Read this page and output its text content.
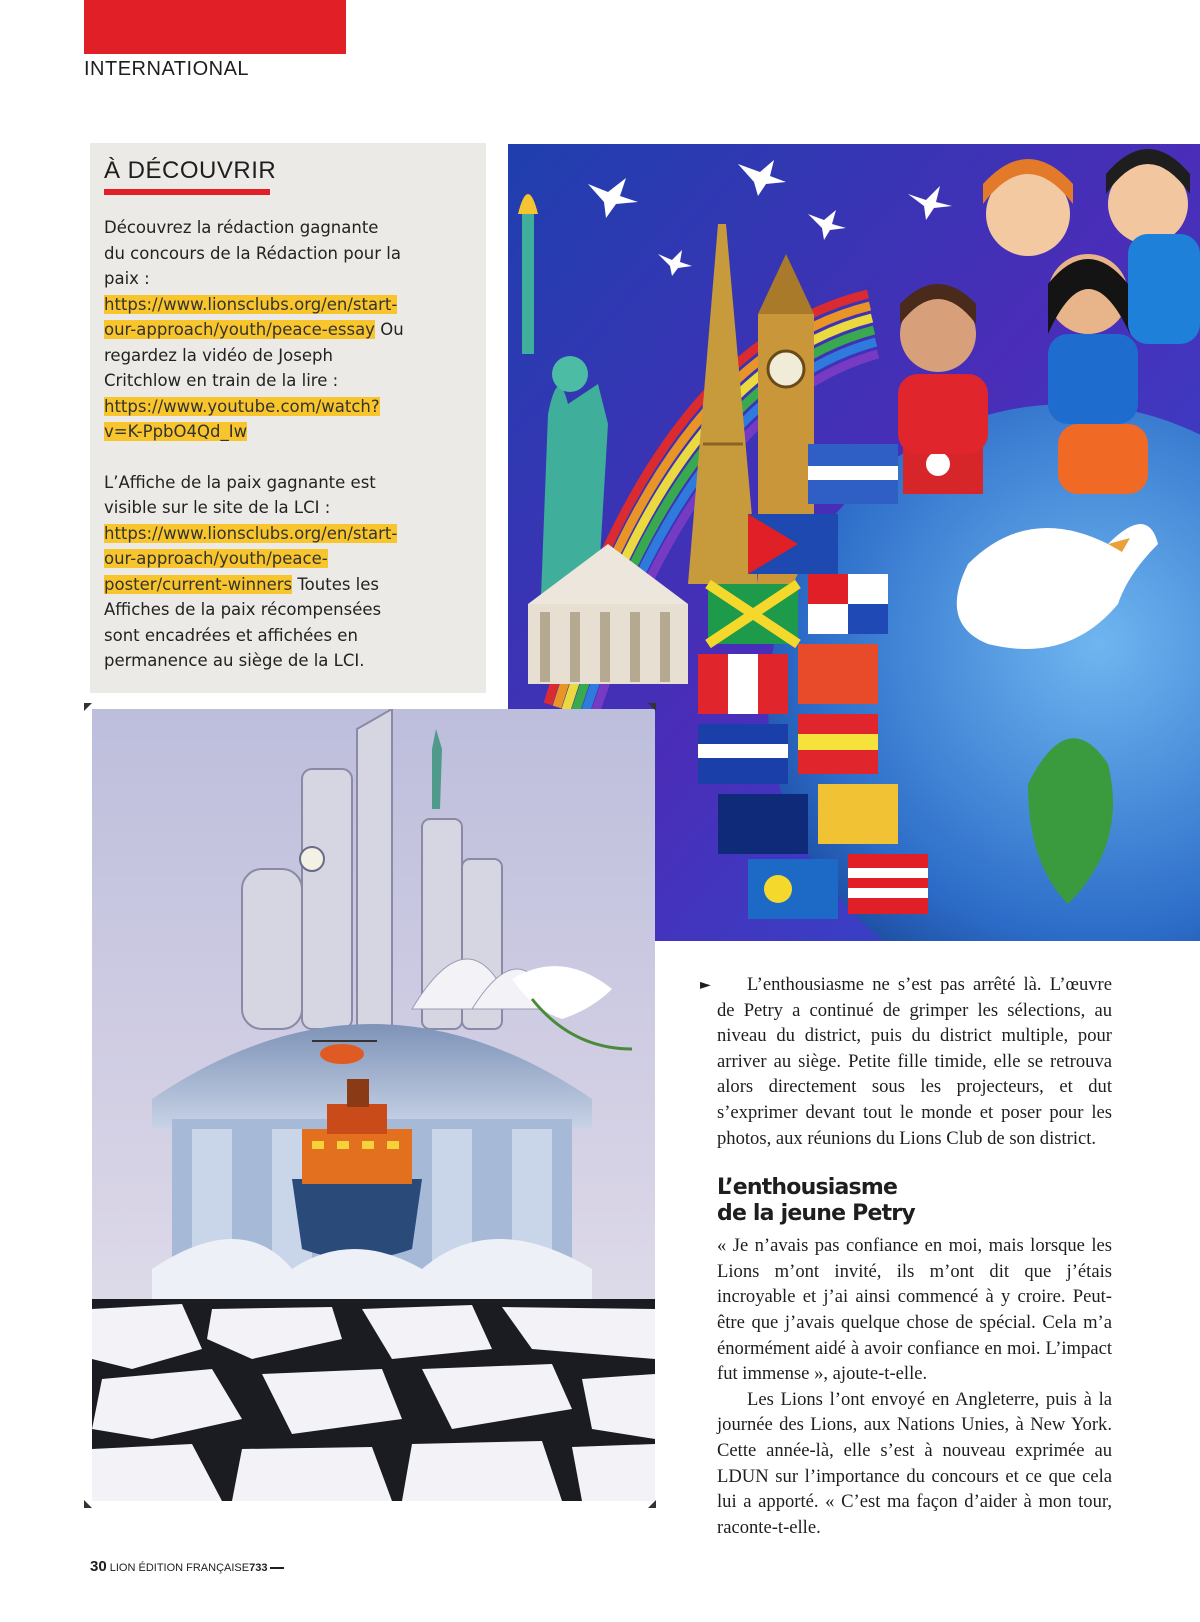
INTERNATIONAL
À DÉCOUVRIR

Découvrez la rédaction gagnante du concours de la Rédaction pour la paix : https://www.lionsclubs.org/en/start-our-approach/youth/peace-essay Ou regardez la vidéo de Joseph Critchlow en train de la lire : https://www.youtube.com/watch?v=K-PpbO4Qd_Iw

L’Affiche de la paix gagnante est visible sur le site de la LCI : https://www.lionsclubs.org/en/start-our-approach/youth/peace-poster/current-winners Toutes les Affiches de la paix récompensées sont encadrées et affichées en permanence au siège de la LCI.

►	L’enthousiasme ne s’est pas arrêté là. L’œuvre de Petry a continué de grimper les sélections, au niveau du district, puis du district multiple, pour arriver au siège. Petite fille timide, elle se retrouva alors directement sous les projecteurs, et dut s’exprimer devant tout le monde et poser pour les photos, aux réunions du Lions Club de son district.

L’enthousiasme
de la jeune Petry

« Je n’avais pas confiance en moi, mais lorsque les Lions m’ont invité, ils m’ont dit que j’étais incroyable et j’ai ainsi commencé à y croire. Peut-être que j’avais quelque chose de spécial. Cela m’a énormément aidé à avoir confiance en moi. L’impact fut immense », ajoute-t-elle.

Les Lions l’ont envoyé en Angleterre, puis à la journée des Lions, aux Nations Unies, à New York. Cette année-là, elle s’est à nouveau exprimée au LDUN sur l’importance du concours et ce que cela lui a apporté. « C’est ma façon d’aider à mon tour, raconte-t-elle.

30 LION ÉDITION FRANÇAISE733
